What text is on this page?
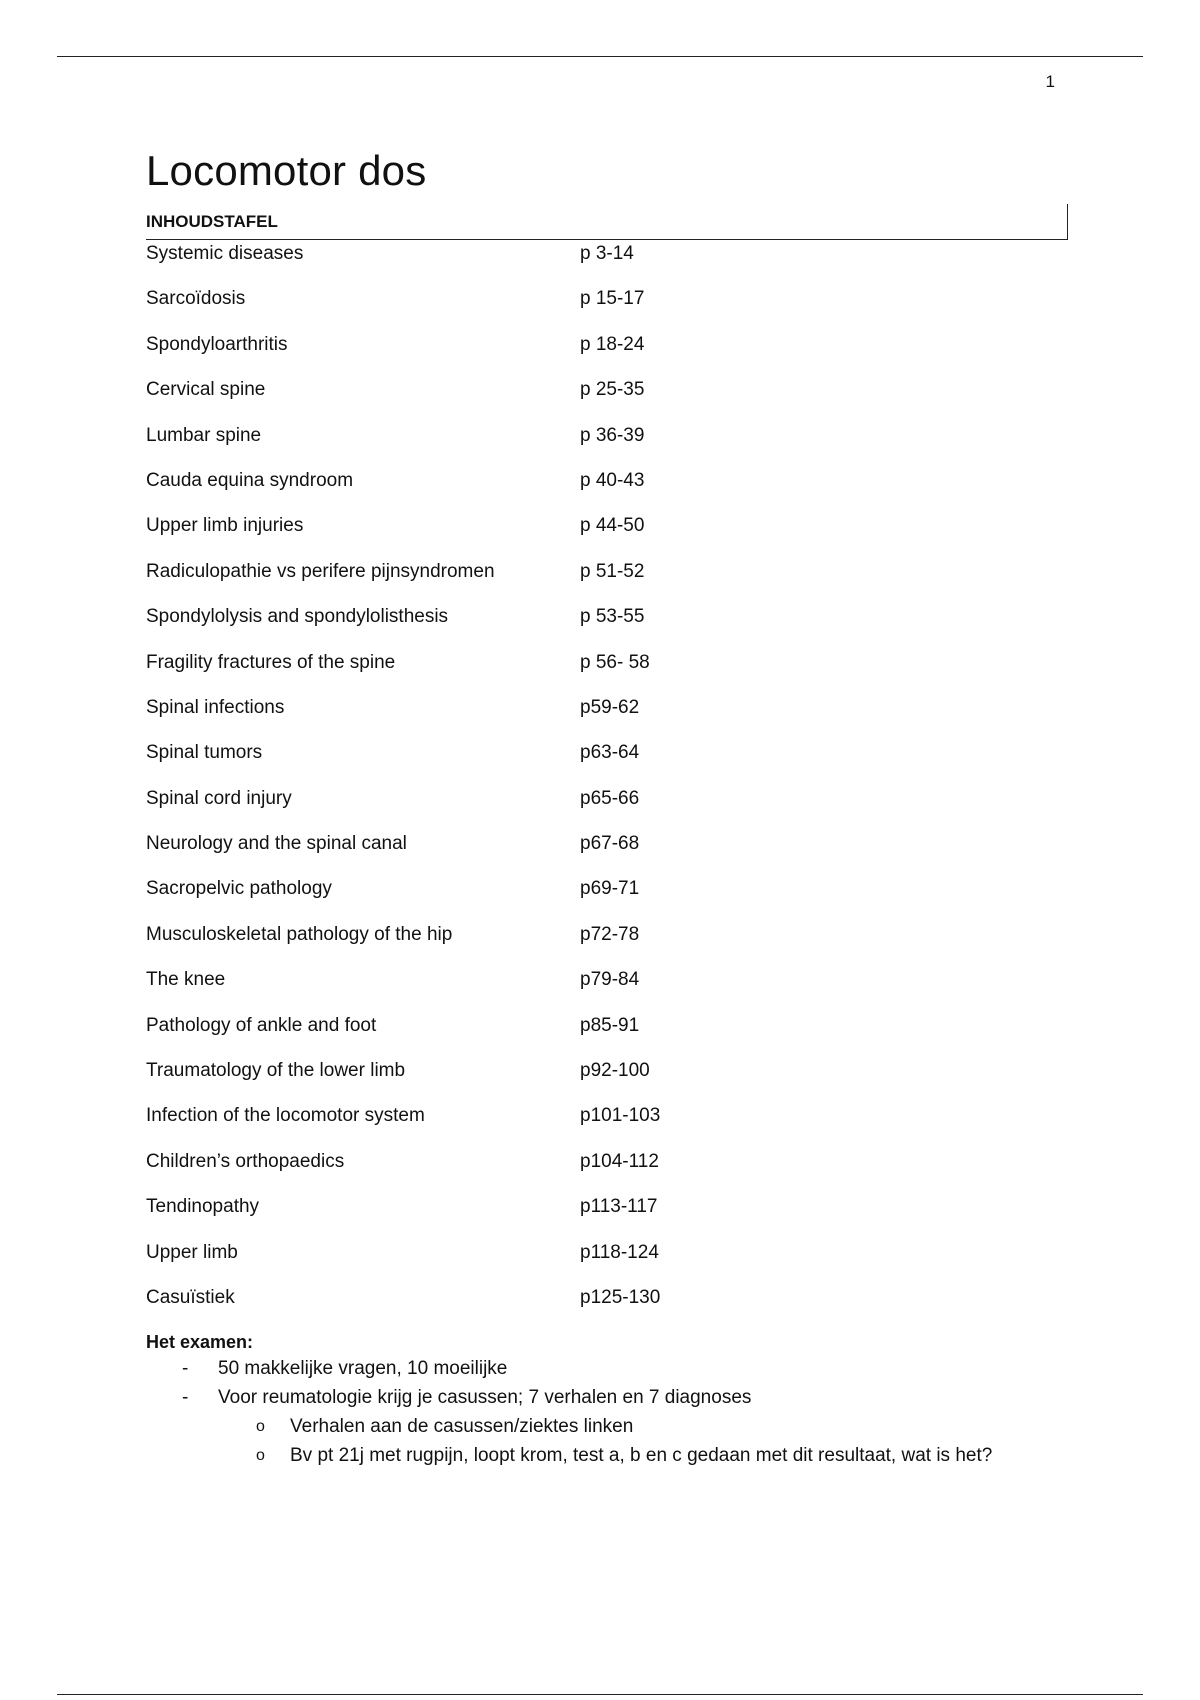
1
Locomotor dos
INHOUDSTAFEL
Systemic diseases	p 3-14
Sarcoïdosis	p 15-17
Spondyloarthritis	p 18-24
Cervical spine	p 25-35
Lumbar spine	p 36-39
Cauda equina syndroom	p 40-43
Upper limb injuries	p 44-50
Radiculopathie vs perifere pijnsyndromen	p 51-52
Spondylolysis and spondylolisthesis	p 53-55
Fragility fractures of the spine	p 56- 58
Spinal infections	p59-62
Spinal tumors	p63-64
Spinal cord injury	p65-66
Neurology and the spinal canal	p67-68
Sacropelvic pathology	p69-71
Musculoskeletal pathology of the hip	p72-78
The knee	p79-84
Pathology of ankle and foot	p85-91
Traumatology of the lower limb	p92-100
Infection of the locomotor system	p101-103
Children’s orthopaedics	p104-112
Tendinopathy	p113-117
Upper limb	p118-124
Casuïstiek	p125-130
Het examen:
- 50 makkelijke vragen, 10 moeilijke
- Voor reumatologie krijg je casussen; 7 verhalen en 7 diagnoses
o Verhalen aan de casussen/ziektes linken
o Bv pt 21j met rugpijn, loopt krom, test a, b en c gedaan met dit resultaat, wat is het?
